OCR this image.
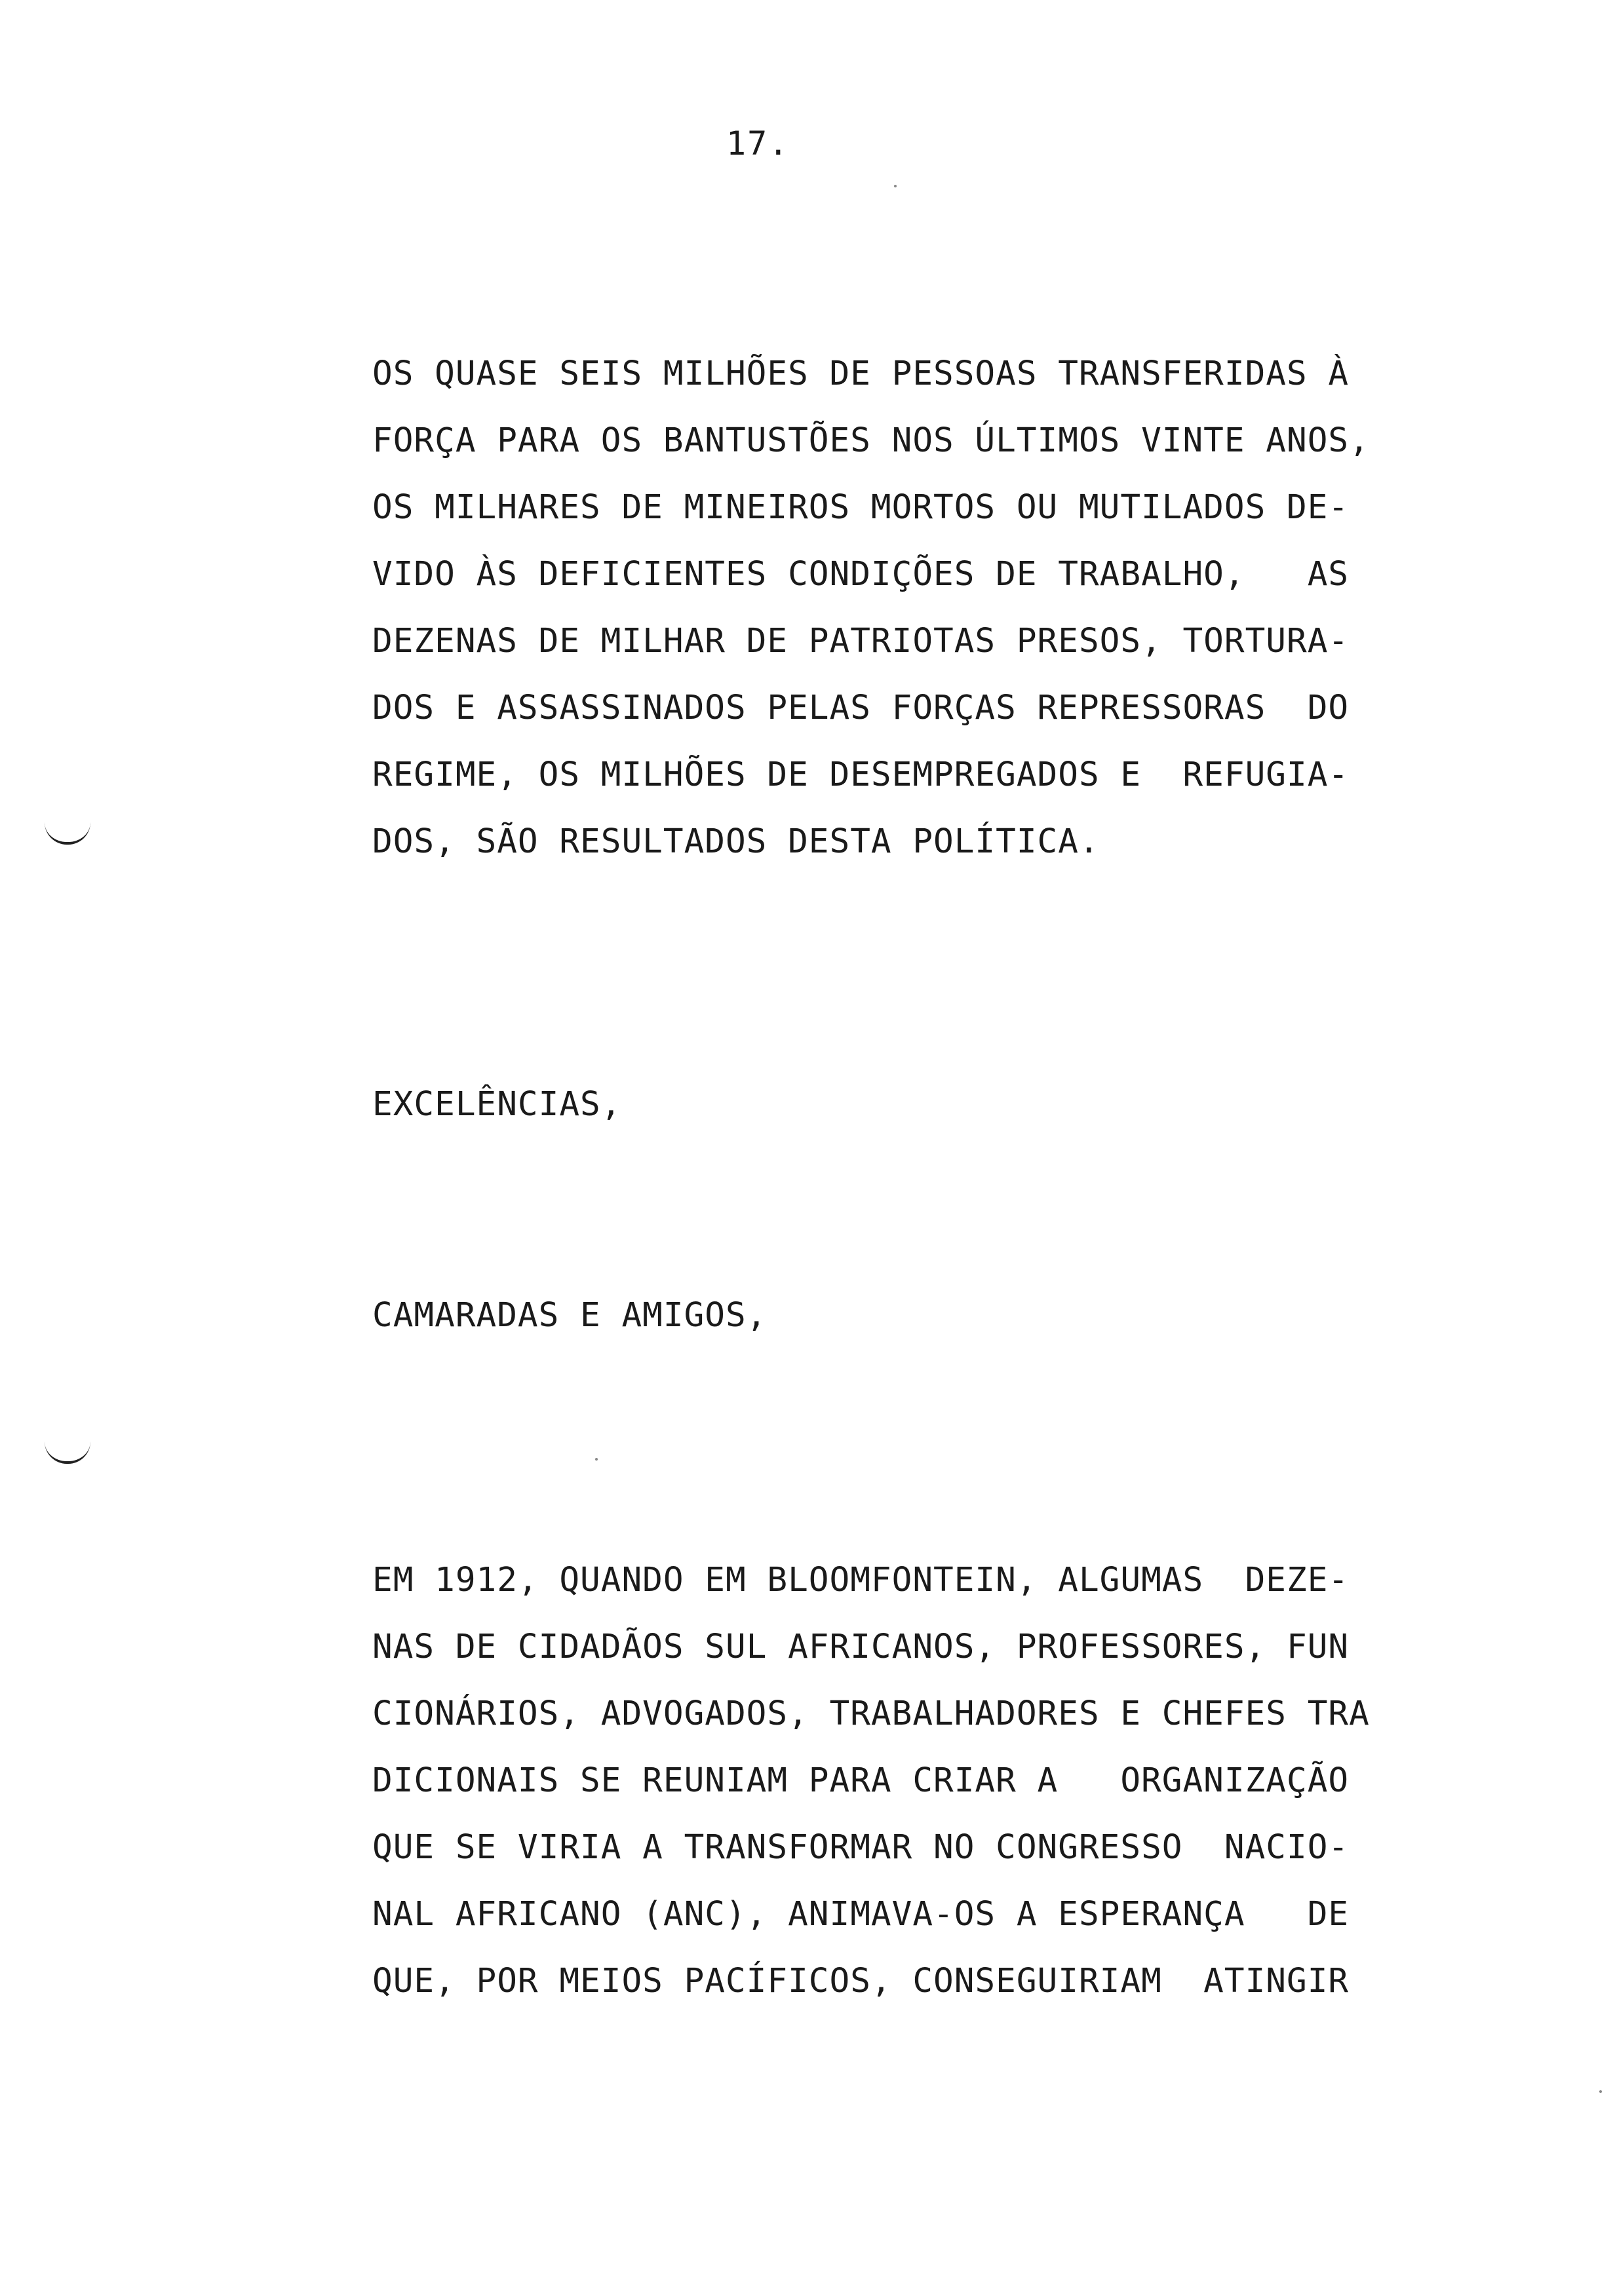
17.
OS QUASE SEIS MILHÕES DE PESSOAS TRANSFERIDAS À
FORÇA PARA OS BANTUSTÕES NOS ÚLTIMOS VINTE ANOS,
OS MILHARES DE MINEIROS MORTOS OU MUTILADOS DE-
VIDO ÀS DEFICIENTES CONDIÇÕES DE TRABALHO,   AS
DEZENAS DE MILHAR DE PATRIOTAS PRESOS, TORTURA-
DOS E ASSASSINADOS PELAS FORÇAS REPRESSORAS  DO
REGIME, OS MILHÕES DE DESEMPREGADOS E  REFUGIA-
DOS, SÃO RESULTADOS DESTA POLÍTICA.
EXCELÊNCIAS,
CAMARADAS E AMIGOS,
EM 1912, QUANDO EM BLOOMFONTEIN, ALGUMAS  DEZE-
NAS DE CIDADÃOS SUL AFRICANOS, PROFESSORES, FUN
CIONÁRIOS, ADVOGADOS, TRABALHADORES E CHEFES TRA
DICIONAIS SE REUNIAM PARA CRIAR A   ORGANIZAÇÃO
QUE SE VIRIA A TRANSFORMAR NO CONGRESSO  NACIO-
NAL AFRICANO (ANC), ANIMAVA-OS A ESPERANÇA   DE
QUE, POR MEIOS PACÍFICOS, CONSEGUIRIAM  ATINGIR
